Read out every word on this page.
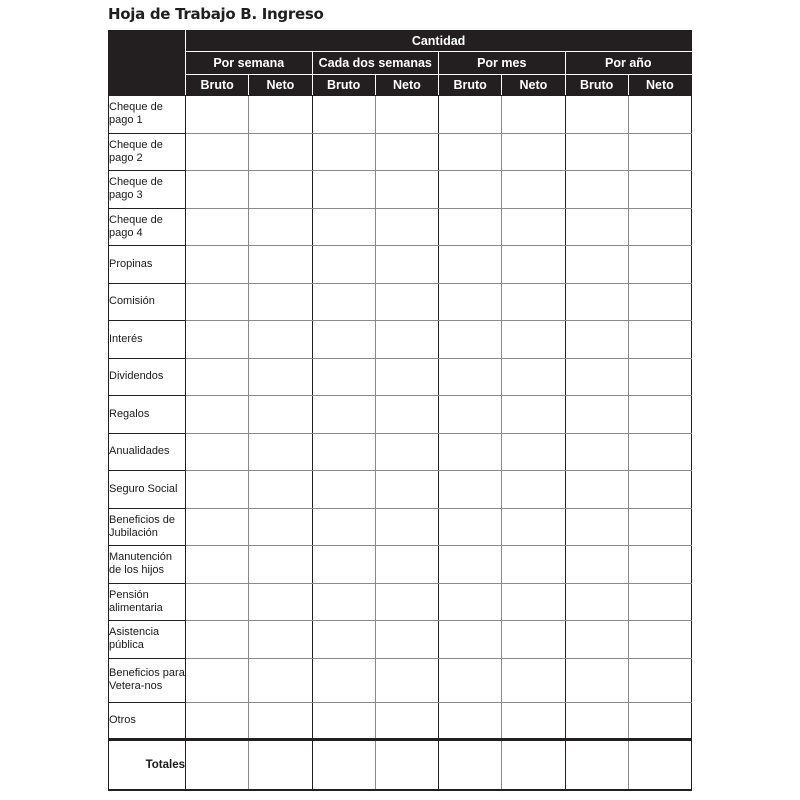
Hoja de Trabajo B. Ingreso
	Cantidad							
	Por semana		Cada dos semanas		Por mes		Por año	
	Bruto	Neto	Bruto	Neto	Bruto	Neto	Bruto	Neto
Cheque de pago 1								
Cheque de pago 2								
Cheque de pago 3								
Cheque de pago 4								
Propinas								
Comisión								
Interés								
Dividendos								
Regalos								
Anualidades								
Seguro Social								
Beneficios de Jubilación								
Manutención de los hijos								
Pensión alimentaria								
Asistencia pública								
Beneficios para Vetera-nos								
Otros								
Totales								
